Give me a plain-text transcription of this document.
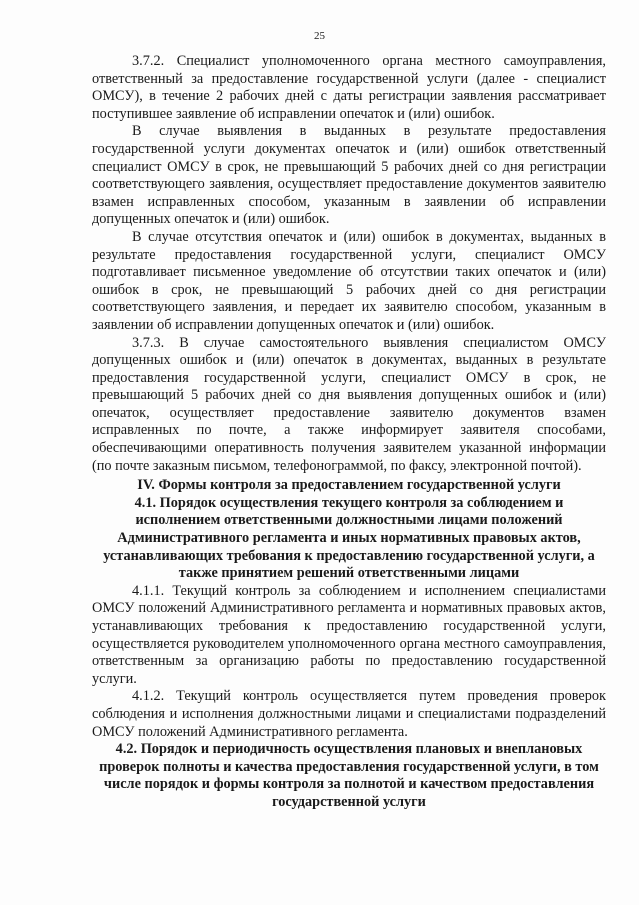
25

3.7.2. Специалист уполномоченного органа местного самоуправления, ответственный за предоставление государственной услуги (далее - специалист ОМСУ), в течение 2 рабочих дней с даты регистрации заявления рассматривает поступившее заявление об исправлении опечаток и (или) ошибок.

В случае выявления в выданных в результате предоставления государственной услуги документах опечаток и (или) ошибок ответственный специалист ОМСУ в срок, не превышающий 5 рабочих дней со дня регистрации соответствующего заявления, осуществляет предоставление документов заявителю взамен исправленных способом, указанным в заявлении об исправлении допущенных опечаток и (или) ошибок.

В случае отсутствия опечаток и (или) ошибок в документах, выданных в результате предоставления государственной услуги, специалист ОМСУ подготавливает письменное уведомление об отсутствии таких опечаток и (или) ошибок в срок, не превышающий 5 рабочих дней со дня регистрации соответствующего заявления, и передает их заявителю способом, указанным в заявлении об исправлении допущенных опечаток и (или) ошибок.

3.7.3. В случае самостоятельного выявления специалистом ОМСУ допущенных ошибок и (или) опечаток в документах, выданных в результате предоставления государственной услуги, специалист ОМСУ в срок, не превышающий 5 рабочих дней со дня выявления допущенных ошибок и (или) опечаток, осуществляет предоставление заявителю документов взамен исправленных по почте, а также информирует заявителя способами, обеспечивающими оперативность получения заявителем указанной информации (по почте заказным письмом, телефонограммой, по факсу, электронной почтой).

IV. Формы контроля за предоставлением государственной услуги

4.1. Порядок осуществления текущего контроля за соблюдением и исполнением ответственными должностными лицами положений Административного регламента и иных нормативных правовых актов, устанавливающих требования к предоставлению государственной услуги, а также принятием решений ответственными лицами

4.1.1. Текущий контроль за соблюдением и исполнением специалистами ОМСУ положений Административного регламента и нормативных правовых актов, устанавливающих требования к предоставлению государственной услуги, осуществляется руководителем уполномоченного органа местного самоуправления, ответственным за организацию работы по предоставлению государственной услуги.

4.1.2. Текущий контроль осуществляется путем проведения проверок соблюдения и исполнения должностными лицами и специалистами подразделений ОМСУ положений Административного регламента.

4.2. Порядок и периодичность осуществления плановых и внеплановых проверок полноты и качества предоставления государственной услуги, в том числе порядок и формы контроля за полнотой и качеством предоставления государственной услуги
